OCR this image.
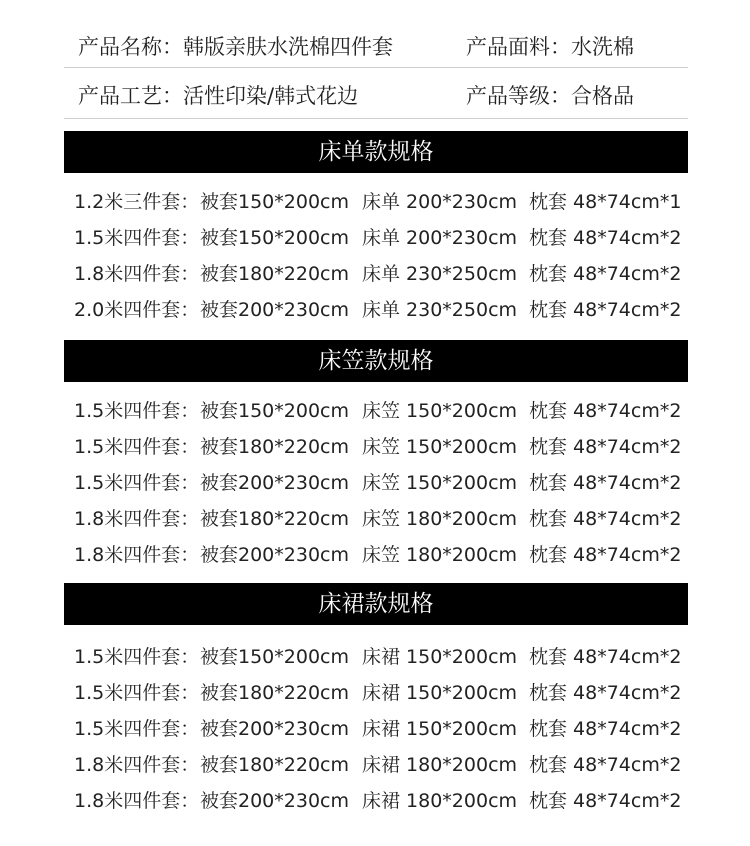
产品名称：韩版亲肤水洗棉四件套	产品面料：水洗棉
产品工艺：活性印染/韩式花边	产品等级：合格品
床单款规格
1.2米三件套： 被套150*200cm 床单 200*230cm 枕套 48*74cm*1
1.5米四件套： 被套150*200cm 床单 200*230cm 枕套 48*74cm*2
1.8米四件套： 被套180*220cm 床单 230*250cm 枕套 48*74cm*2
2.0米四件套： 被套200*230cm 床单 230*250cm 枕套 48*74cm*2
床笠款规格
1.5米四件套： 被套150*200cm 床笠 150*200cm 枕套 48*74cm*2
1.5米四件套： 被套180*220cm 床笠 150*200cm 枕套 48*74cm*2
1.5米四件套： 被套200*230cm 床笠 150*200cm 枕套 48*74cm*2
1.8米四件套： 被套180*220cm 床笠 180*200cm 枕套 48*74cm*2
1.8米四件套： 被套200*230cm 床笠 180*200cm 枕套 48*74cm*2
床裙款规格
1.5米四件套： 被套150*200cm 床裙 150*200cm 枕套 48*74cm*2
1.5米四件套： 被套180*220cm 床裙 150*200cm 枕套 48*74cm*2
1.5米四件套： 被套200*230cm 床裙 150*200cm 枕套 48*74cm*2
1.8米四件套： 被套180*220cm 床裙 180*200cm 枕套 48*74cm*2
1.8米四件套： 被套200*230cm 床裙 180*200cm 枕套 48*74cm*2
